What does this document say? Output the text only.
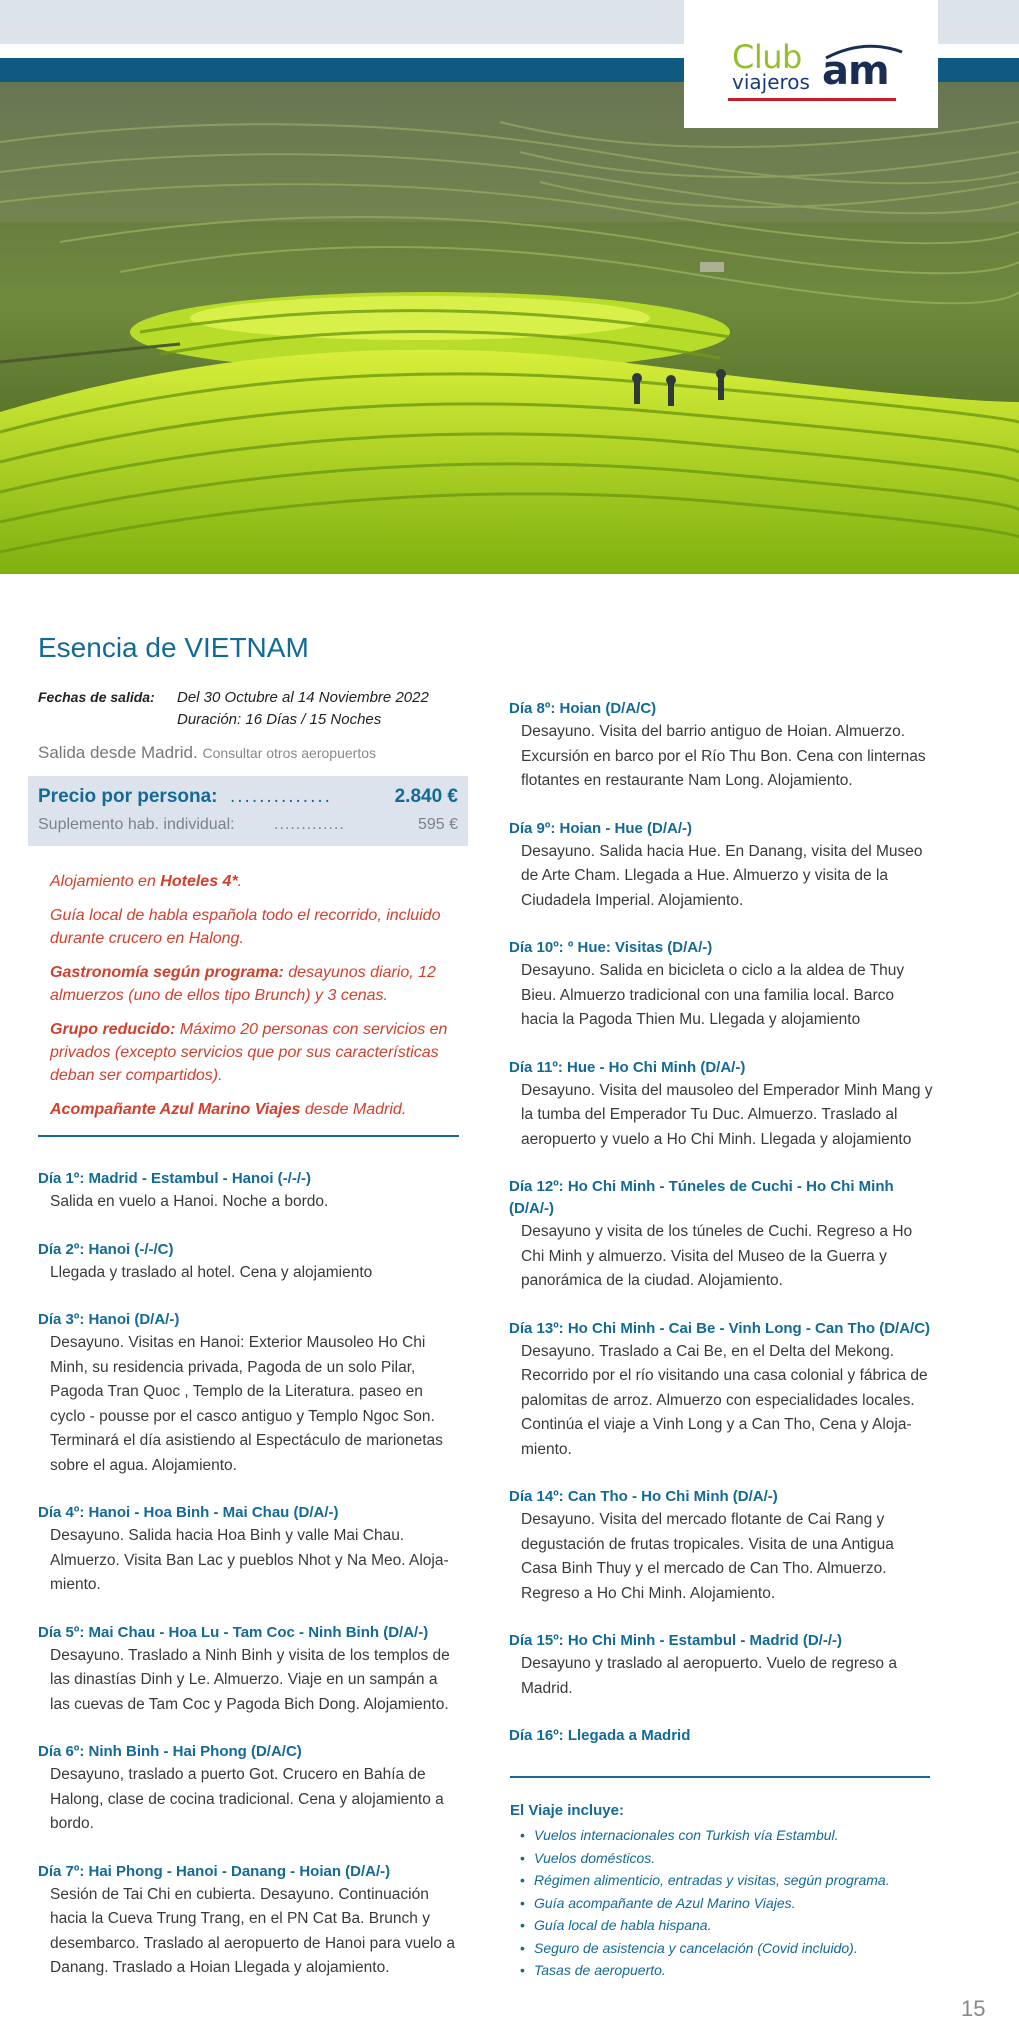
Club am
viajeros
Esencia de VIETNAM
Fechas de salida: Del 30 Octubre al 14 Noviembre 2022
Duración: 16 Días / 15 Noches
Salida desde Madrid. Consultar otros aeropuertos
Precio por persona: ..............	2.840 €
Suplemento hab. individual: .............	595 €

Alojamiento en Hoteles 4*.

Guía local de habla española todo el recorrido, incluido durante crucero en Halong.

Gastronomía según programa: desayunos diario, 12 almuerzos (uno de ellos tipo Brunch) y 3 cenas.

Grupo reducido: Máximo 20 personas con servicios en privados (excepto servicios que por sus características deban ser compartidos).

Acompañante Azul Marino Viajes desde Madrid.

Día 1º: Madrid - Estambul - Hanoi (-/-/-)
Salida en vuelo a Hanoi. Noche a bordo.
Día 2º: Hanoi (-/-/C)
Llegada y traslado al hotel. Cena y alojamiento
Día 3º: Hanoi (D/A/-)
Desayuno. Visitas en Hanoi: Exterior Mausoleo Ho Chi Minh, su residencia privada, Pagoda de un solo Pilar, Pagoda Tran Quoc , Templo de la Literatura. paseo en cyclo - pousse por el casco antiguo y Templo Ngoc Son. Terminará el día asistiendo al Espectáculo de marionetas sobre el agua. Alojamiento.
Día 4º: Hanoi - Hoa Binh - Mai Chau (D/A/-)
Desayuno. Salida hacia Hoa Binh y valle Mai Chau. Almuerzo. Visita Ban Lac y pueblos Nhot y Na Meo. Aloja-miento.
Día 5º: Mai Chau - Hoa Lu - Tam Coc - Ninh Binh (D/A/-)
Desayuno. Traslado a Ninh Binh y visita de los templos de las dinastías Dinh y Le. Almuerzo. Viaje en un sampán a las cuevas de Tam Coc y Pagoda Bich Dong. Alojamiento.
Día 6º: Ninh Binh - Hai Phong (D/A/C)
Desayuno, traslado a puerto Got. Crucero en Bahía de Halong, clase de cocina tradicional. Cena y alojamiento a bordo.
Día 7º: Hai Phong - Hanoi - Danang - Hoian (D/A/-)
Sesión de Tai Chi en cubierta. Desayuno. Continuación hacia la Cueva Trung Trang, en el PN Cat Ba. Brunch y desembarco. Traslado al aeropuerto de Hanoi para vuelo a Danang. Traslado a Hoian Llegada y alojamiento.
Día 8º: Hoian (D/A/C)
Desayuno. Visita del barrio antiguo de Hoian. Almuerzo. Excursión en barco por el Río Thu Bon. Cena con linternas flotantes en restaurante Nam Long. Alojamiento.
Día 9º: Hoian - Hue (D/A/-)
Desayuno. Salida hacia Hue. En Danang, visita del Museo de Arte Cham. Llegada a Hue. Almuerzo y visita de la Ciudadela Imperial. Alojamiento.
Día 10º: º Hue: Visitas (D/A/-)
Desayuno. Salida en bicicleta o ciclo a la aldea de Thuy Bieu. Almuerzo tradicional con una familia local. Barco hacia la Pagoda Thien Mu. Llegada y alojamiento
Día 11º: Hue - Ho Chi Minh (D/A/-)
Desayuno. Visita del mausoleo del Emperador Minh Mang y la tumba del Emperador Tu Duc. Almuerzo. Traslado al aeropuerto y vuelo a Ho Chi Minh. Llegada y alojamiento
Día 12º: Ho Chi Minh - Túneles de Cuchi - Ho Chi Minh (D/A/-)
Desayuno y visita de los túneles de Cuchi. Regreso a Ho Chi Minh y almuerzo. Visita del Museo de la Guerra y panorámica de la ciudad. Alojamiento.
Día 13º: Ho Chi Minh - Cai Be - Vinh Long - Can Tho (D/A/C)
Desayuno. Traslado a Cai Be, en el Delta del Mekong. Recorrido por el río visitando una casa colonial y fábrica de palomitas de arroz. Almuerzo con especialidades locales. Continúa el viaje a Vinh Long y a Can Tho, Cena y Aloja-miento.
Día 14º: Can Tho - Ho Chi Minh (D/A/-)
Desayuno. Visita del mercado flotante de Cai Rang y degustación de frutas tropicales. Visita de una Antigua Casa Binh Thuy y el mercado de Can Tho. Almuerzo. Regreso a Ho Chi Minh. Alojamiento.
Día 15º: Ho Chi Minh - Estambul - Madrid (D/-/-)
Desayuno y traslado al aeropuerto. Vuelo de regreso a Madrid.
Día 16º: Llegada a Madrid
El Viaje incluye:
• Vuelos internacionales con Turkish vía Estambul.
• Vuelos domésticos.
• Régimen alimenticio, entradas y visitas, según programa.
• Guía acompañante de Azul Marino Viajes.
• Guía local de habla hispana.
• Seguro de asistencia y cancelación (Covid incluido).
• Tasas de aeropuerto.
15
